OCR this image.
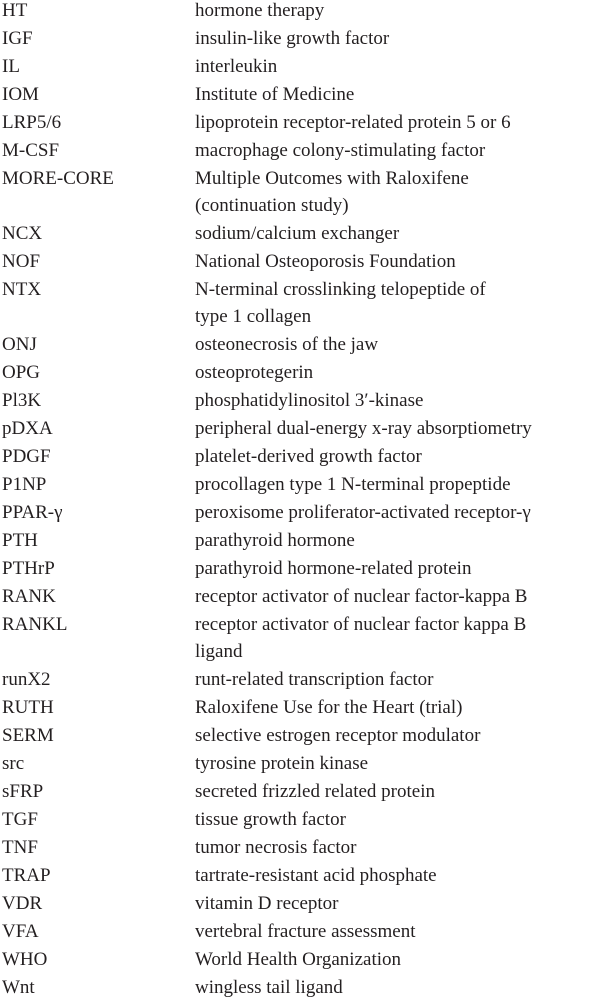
HT	hormone therapy
IGF	insulin-like growth factor
IL	interleukin
IOM	Institute of Medicine
LRP5/6	lipoprotein receptor-related protein 5 or 6
M-CSF	macrophage colony-stimulating factor
MORE-CORE	Multiple Outcomes with Raloxifene
(continuation study)
NCX	sodium/calcium exchanger
NOF	National Osteoporosis Foundation
NTX	N-terminal crosslinking telopeptide of
type 1 collagen
ONJ	osteonecrosis of the jaw
OPG	osteoprotegerin
Pl3K	phosphatidylinositol 3′-kinase
pDXA	peripheral dual-energy x-ray absorptiometry
PDGF	platelet-derived growth factor
P1NP	procollagen type 1 N-terminal propeptide
PPAR-γ	peroxisome proliferator-activated receptor-γ
PTH	parathyroid hormone
PTHrP	parathyroid hormone-related protein
RANK	receptor activator of nuclear factor-kappa B
RANKL	receptor activator of nuclear factor kappa B
ligand
runX2	runt-related transcription factor
RUTH	Raloxifene Use for the Heart (trial)
SERM	selective estrogen receptor modulator
src	tyrosine protein kinase
sFRP	secreted frizzled related protein
TGF	tissue growth factor
TNF	tumor necrosis factor
TRAP	tartrate-resistant acid phosphate
VDR	vitamin D receptor
VFA	vertebral fracture assessment
WHO	World Health Organization
Wnt	wingless tail ligand
